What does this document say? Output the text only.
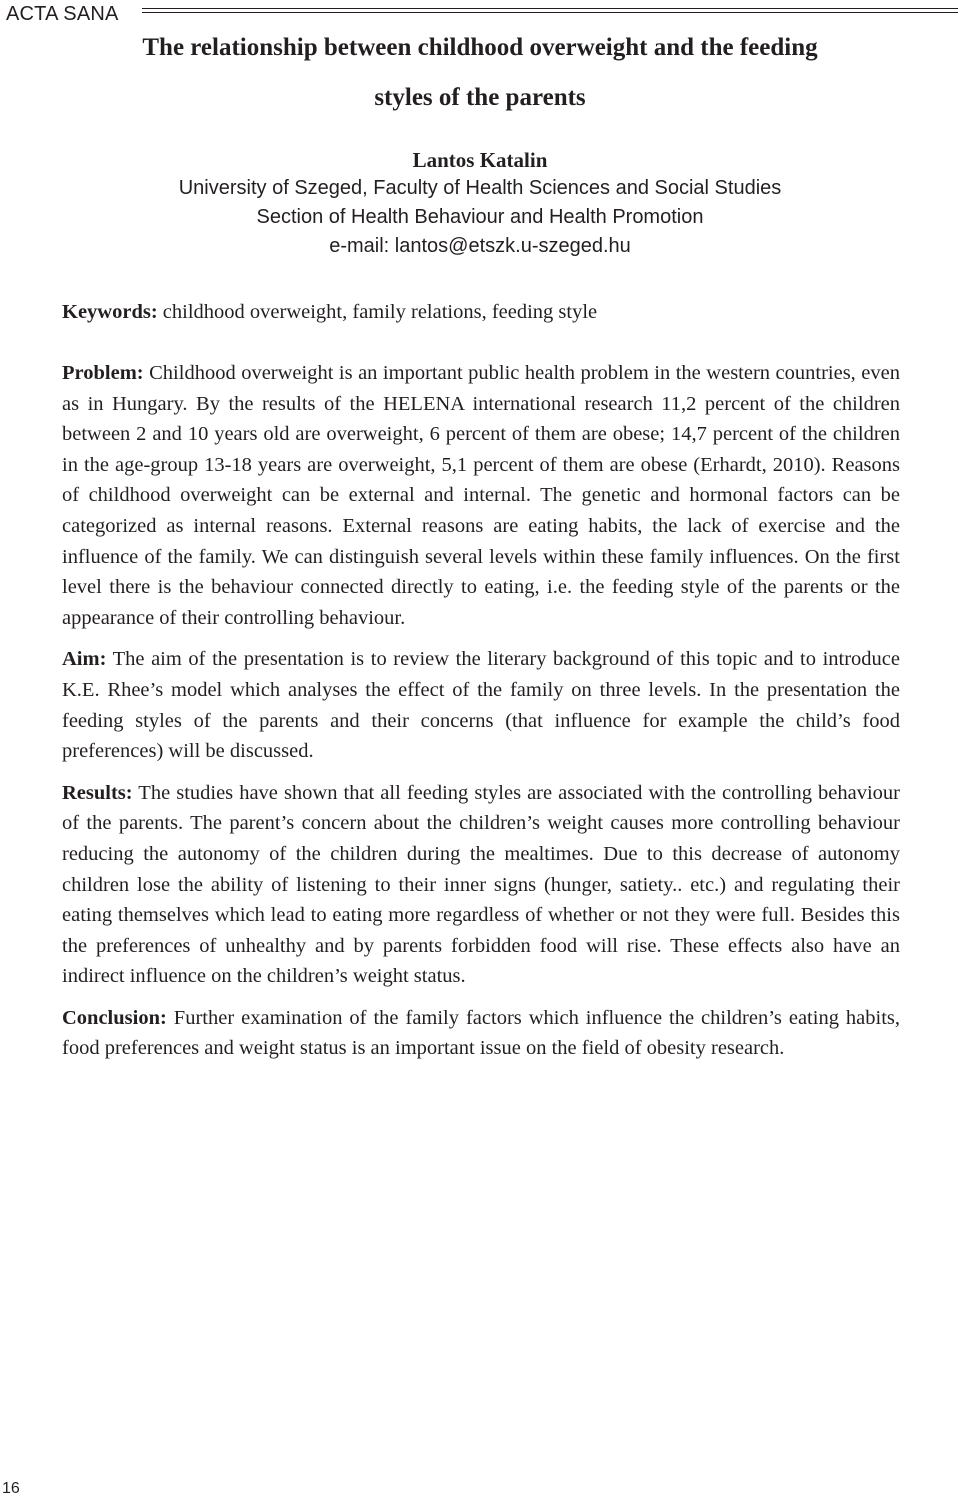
ACTA SANA
The relationship between childhood overweight and the feeding
styles of the parents
Lantos Katalin
University of Szeged, Faculty of Health Sciences and Social Studies
Section of Health Behaviour and Health Promotion
e-mail: lantos@etszk.u-szeged.hu
Keywords: childhood overweight, family relations, feeding style

Problem: Childhood overweight is an important public health problem in the western countries, even as in Hungary. By the results of the HELENA international research 11,2 percent of the children between 2 and 10 years old are overweight, 6 percent of them are obese; 14,7 percent of the children in the age-group 13-18 years are overweight, 5,1 percent of them are obese (Erhardt, 2010). Reasons of childhood overweight can be external and internal. The genetic and hormonal factors can be categorized as internal reasons. External reasons are eating habits, the lack of exercise and the influence of the family. We can distinguish several levels within these family influences. On the first level there is the behaviour connected directly to eating, i.e. the feeding style of the parents or the appearance of their controlling behaviour.

Aim: The aim of the presentation is to review the literary background of this topic and to introduce K.E. Rhee’s model which analyses the effect of the family on three levels. In the presentation the feeding styles of the parents and their concerns (that influence for example the child’s food preferences) will be discussed.

Results: The studies have shown that all feeding styles are associated with the controlling behaviour of the parents. The parent’s concern about the children’s weight causes more controlling behaviour reducing the autonomy of the children during the mealtimes. Due to this decrease of autonomy children lose the ability of listening to their inner signs (hunger, satiety.. etc.) and regulating their eating themselves which lead to eating more regardless of whether or not they were full. Besides this the preferences of unhealthy and by parents forbidden food will rise. These effects also have an indirect influence on the children’s weight status.

Conclusion: Further examination of the family factors which influence the children’s eating habits, food preferences and weight status is an important issue on the field of obesity research.

16
